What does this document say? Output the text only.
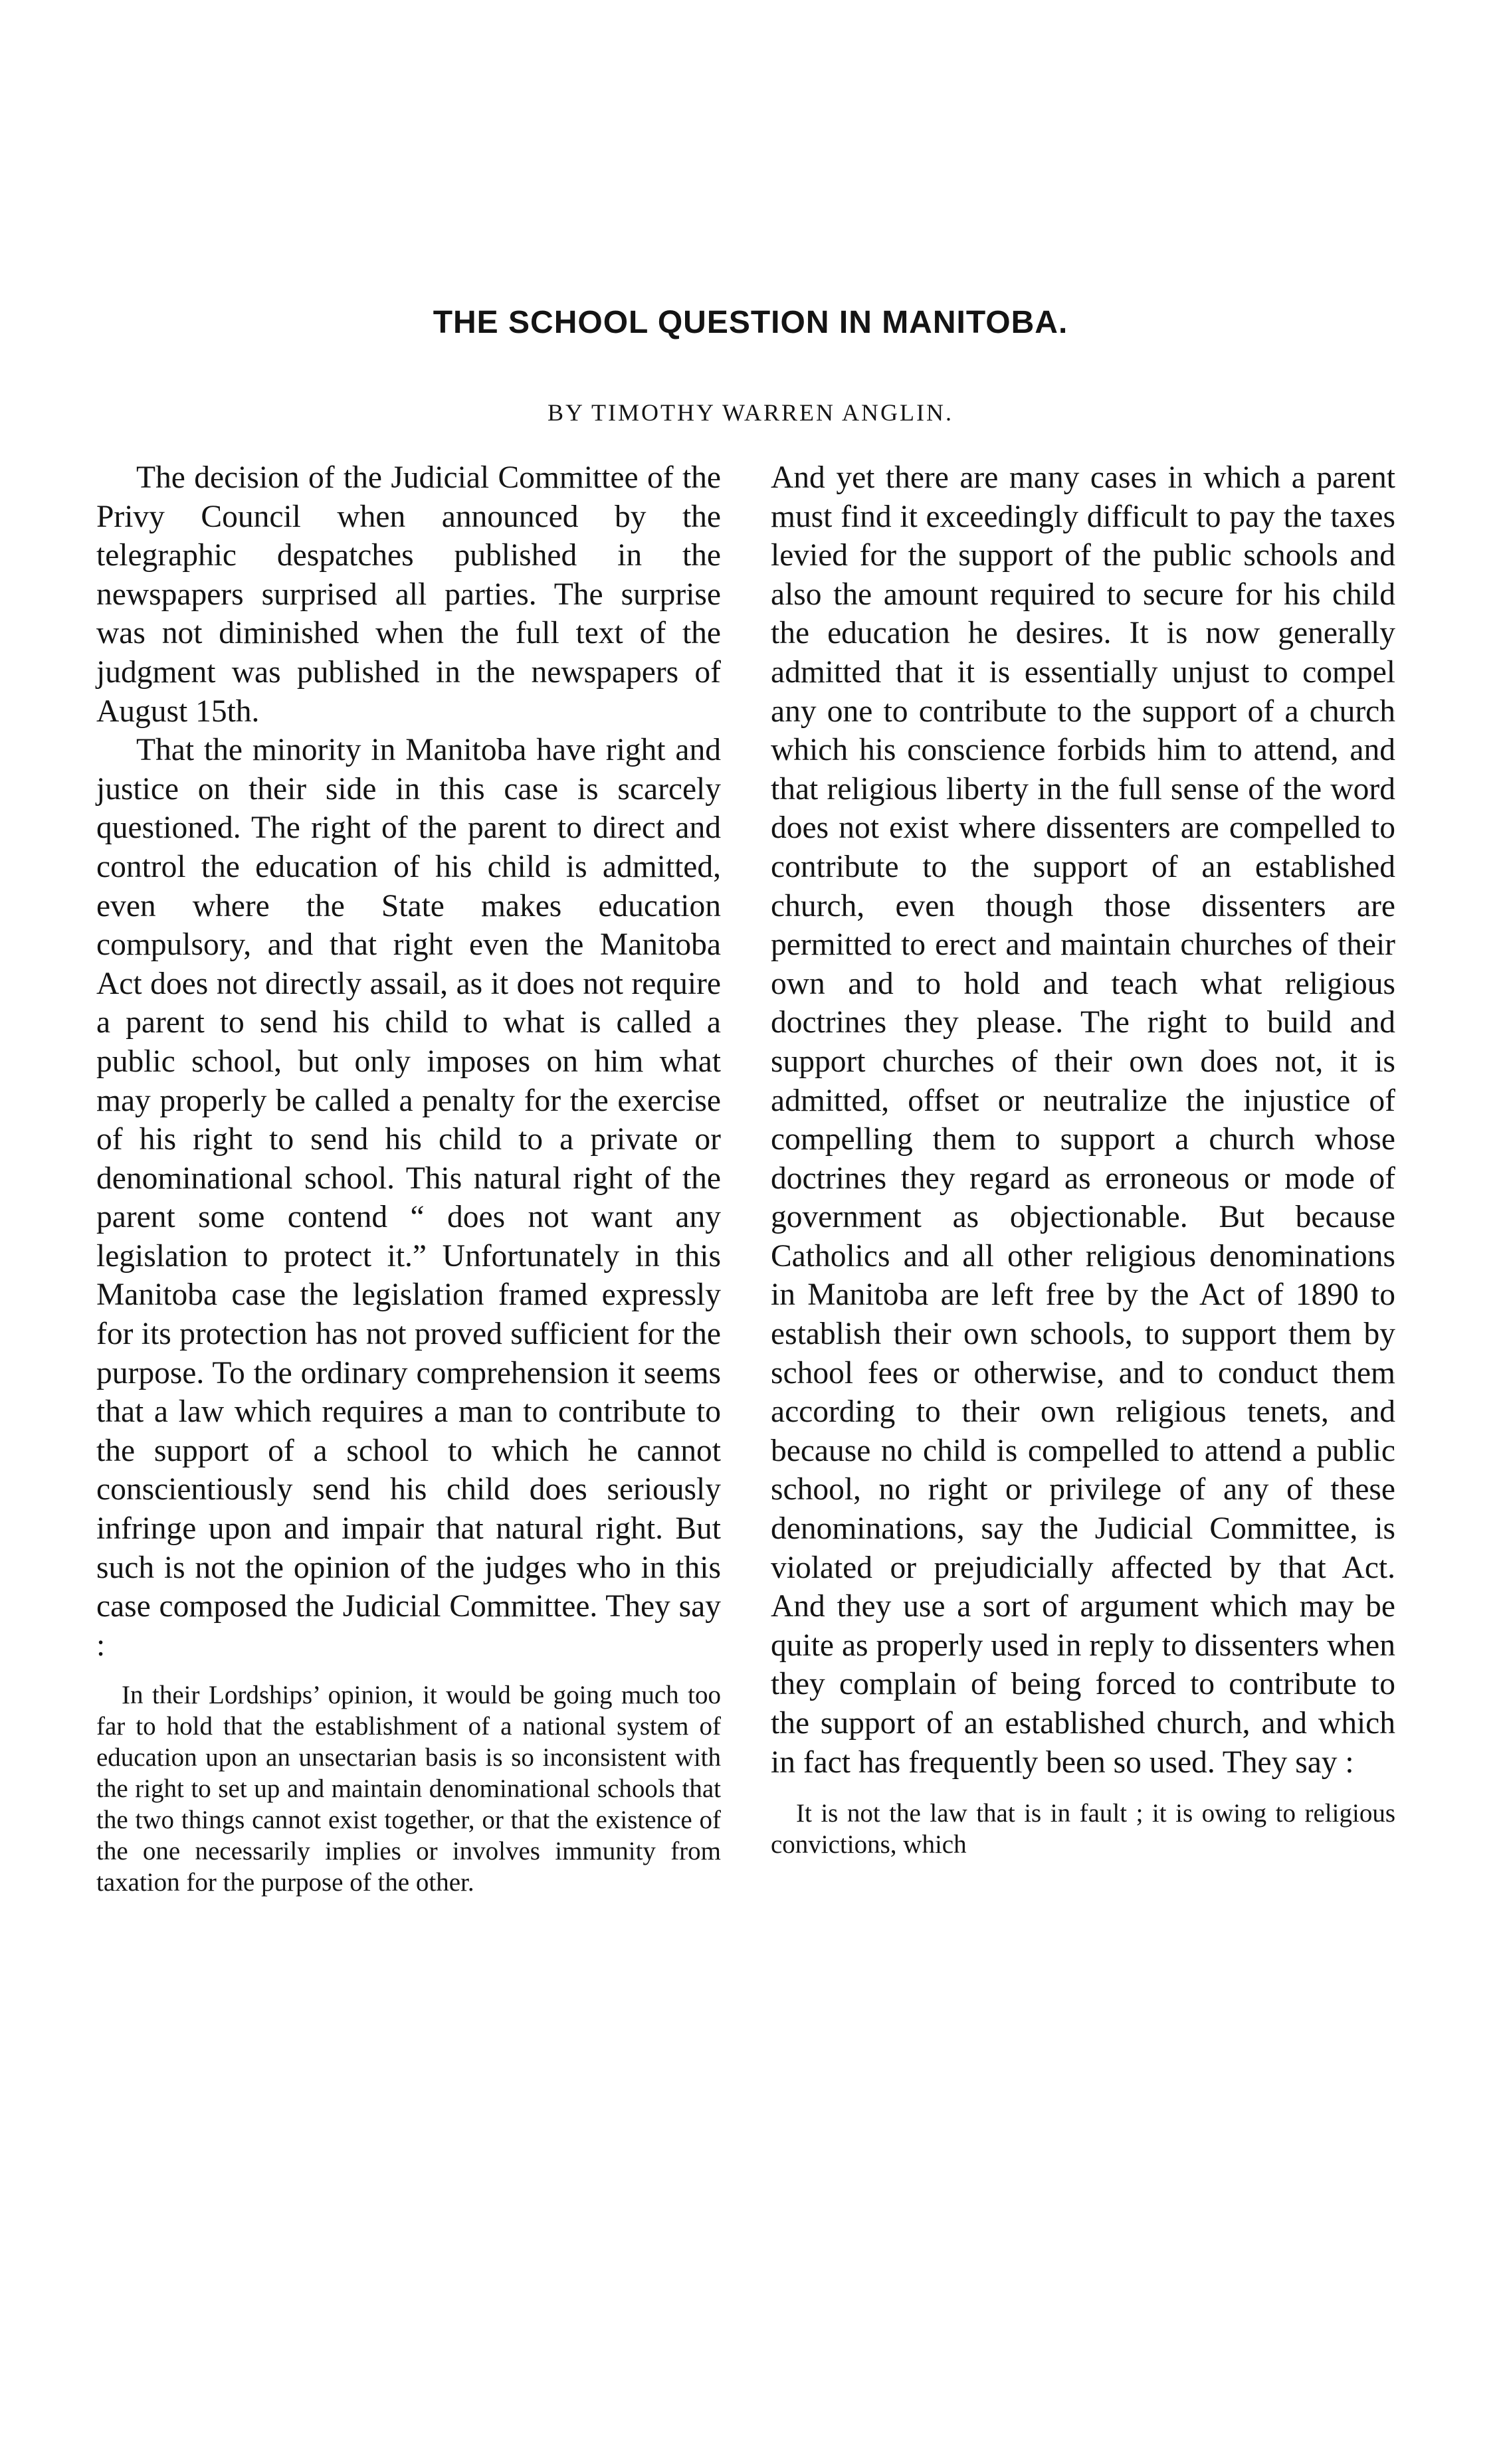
THE SCHOOL QUESTION IN MANITOBA.
BY TIMOTHY WARREN ANGLIN.

The decision of the Judicial Committee of the Privy Council when announced by the telegraphic despatches published in the newspapers surprised all parties. The surprise was not diminished when the full text of the judgment was published in the newspapers of August 15th.

That the minority in Manitoba have right and justice on their side in this case is scarcely questioned. The right of the parent to direct and control the education of his child is admitted, even where the State makes education compulsory, and that right even the Manitoba Act does not directly assail, as it does not require a parent to send his child to what is called a public school, but only imposes on him what may properly be called a penalty for the exercise of his right to send his child to a private or denominational school. This natural right of the parent some contend “ does not want any legislation to protect it.” Unfortunately in this Manitoba case the legislation framed expressly for its protection has not proved sufficient for the purpose. To the ordinary comprehension it seems that a law which requires a man to contribute to the support of a school to which he cannot conscientiously send his child does seriously infringe upon and impair that natural right. But such is not the opinion of the judges who in this case composed the Judicial Committee. They say :

In their Lordships’ opinion, it would be going much too far to hold that the establishment of a national system of education upon an unsectarian basis is so inconsistent with the right to set up and maintain denominational schools that the two things cannot exist together, or that the existence of the one necessarily implies or involves immunity from taxation for the purpose of the other.

And yet there are many cases in which a parent must find it exceedingly difficult to pay the taxes levied for the support of the public schools and also the amount required to secure for his child the education he desires. It is now generally admitted that it is essentially unjust to compel any one to contribute to the support of a church which his conscience forbids him to attend, and that religious liberty in the full sense of the word does not exist where dissenters are compelled to contribute to the support of an established church, even though those dissenters are permitted to erect and maintain churches of their own and to hold and teach what religious doctrines they please. The right to build and support churches of their own does not, it is admitted, offset or neutralize the injustice of compelling them to support a church whose doctrines they regard as erroneous or mode of government as objectionable. But because Catholics and all other religious denominations in Manitoba are left free by the Act of 1890 to establish their own schools, to support them by school fees or otherwise, and to conduct them according to their own religious tenets, and because no child is compelled to attend a public school, no right or privilege of any of these denominations, say the Judicial Committee, is violated or prejudicially affected by that Act. And they use a sort of argument which may be quite as properly used in reply to dissenters when they complain of being forced to contribute to the support of an established church, and which in fact has frequently been so used. They say :

It is not the law that is in fault ; it is owing to religious convictions, which
